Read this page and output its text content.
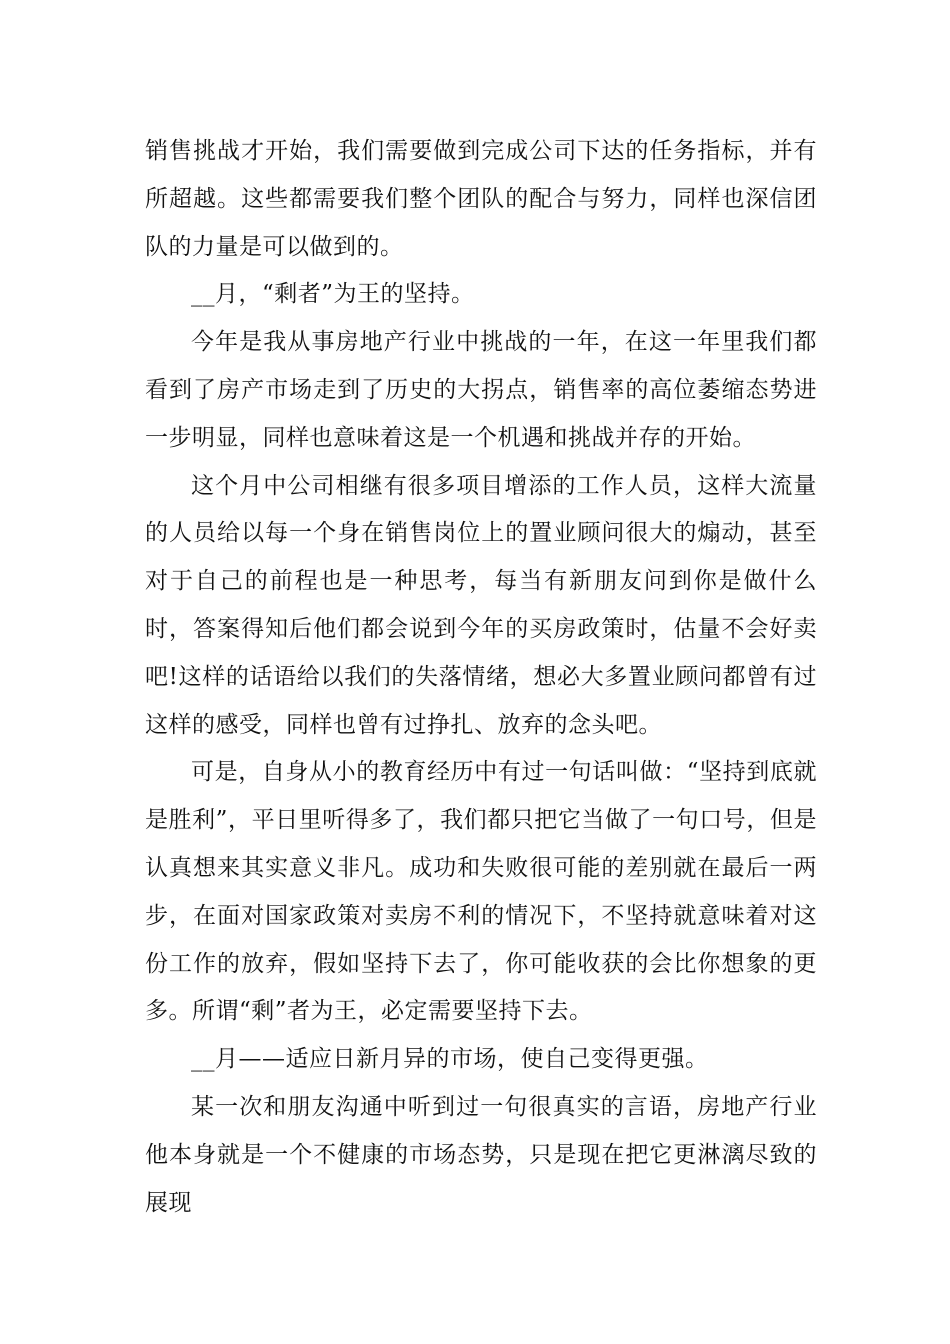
销售挑战才开始，我们需要做到完成公司下达的任务指标，并有所超越。这些都需要我们整个团队的配合与努力，同样也深信团队的力量是可以做到的。

__月，“剩者”为王的坚持。

今年是我从事房地产行业中挑战的一年，在这一年里我们都看到了房产市场走到了历史的大拐点，销售率的高位萎缩态势进一步明显，同样也意味着这是一个机遇和挑战并存的开始。

这个月中公司相继有很多项目增添的工作人员，这样大流量的人员给以每一个身在销售岗位上的置业顾问很大的煽动，甚至对于自己的前程也是一种思考，每当有新朋友问到你是做什么时，答案得知后他们都会说到今年的买房政策时，估量不会好卖吧!这样的话语给以我们的失落情绪，想必大多置业顾问都曾有过这样的感受，同样也曾有过挣扎、放弃的念头吧。

可是，自身从小的教育经历中有过一句话叫做：“坚持到底就是胜利”，平日里听得多了，我们都只把它当做了一句口号，但是认真想来其实意义非凡。成功和失败很可能的差别就在最后一两步，在面对国家政策对卖房不利的情况下，不坚持就意味着对这份工作的放弃，假如坚持下去了，你可能收获的会比你想象的更多。所谓“剩”者为王，必定需要坚持下去。

__月——适应日新月异的市场，使自己变得更强。

某一次和朋友沟通中听到过一句很真实的言语，房地产行业他本身就是一个不健康的市场态势，只是现在把它更淋漓尽致的展现
